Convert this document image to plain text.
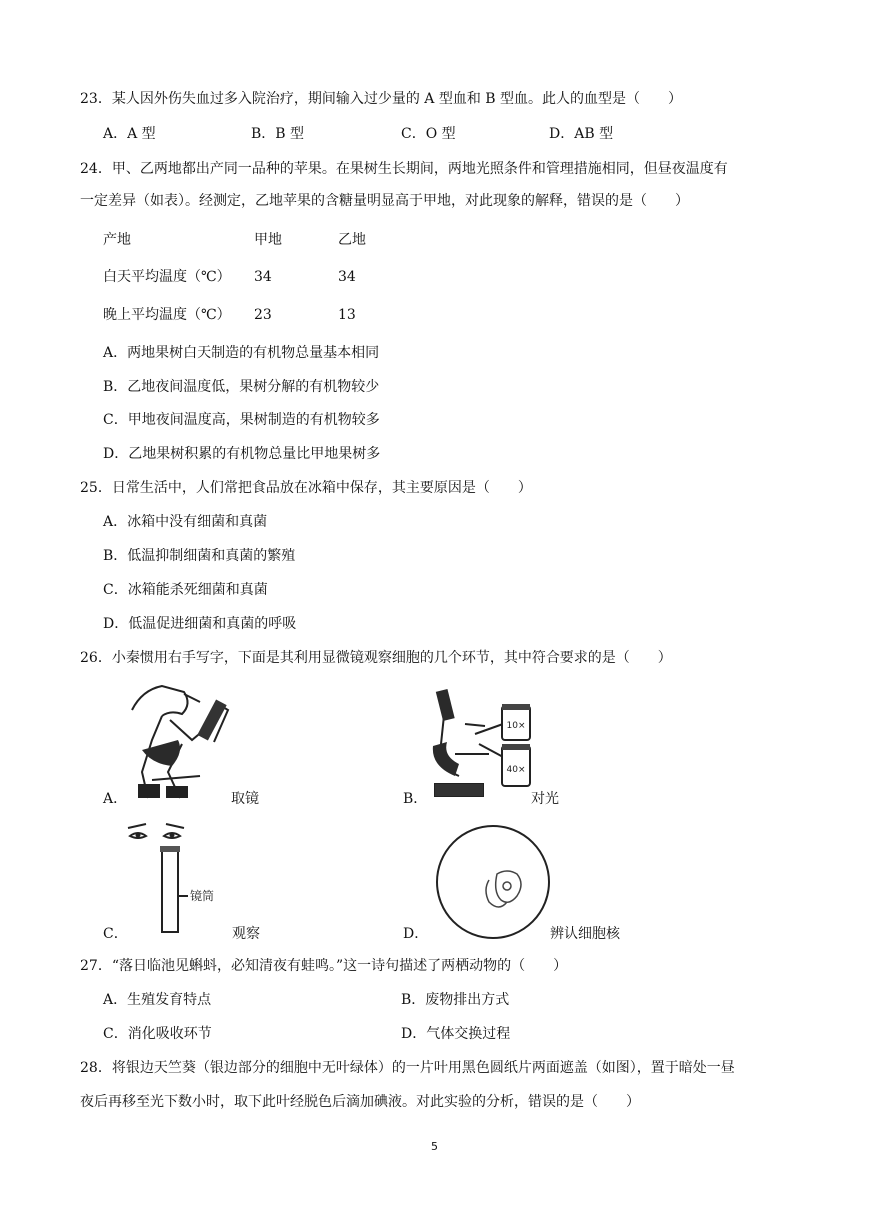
23．某人因外伤失血过多入院治疗，期间输入过少量的 A 型血和 B 型血。此人的血型是（　　）
A．A 型	B．B 型	C．O 型	D．AB 型
24．甲、乙两地都出产同一品种的苹果。在果树生长期间，两地光照条件和管理措施相同，但昼夜温度有
一定差异（如表）。经测定，乙地苹果的含糖量明显高于甲地，对此现象的解释，错误的是（　　）
产地	甲地	乙地
白天平均温度（℃） 34	34
晚上平均温度（℃） 23	13
A．两地果树白天制造的有机物总量基本相同
B．乙地夜间温度低，果树分解的有机物较少
C．甲地夜间温度高，果树制造的有机物较多
D．乙地果树积累的有机物总量比甲地果树多
25．日常生活中，人们常把食品放在冰箱中保存，其主要原因是（　　）
A．冰箱中没有细菌和真菌
B．低温抑制细菌和真菌的繁殖
C．冰箱能杀死细菌和真菌
D．低温促进细菌和真菌的呼吸
26．小秦惯用右手写字，下面是其利用显微镜观察细胞的几个环节，其中符合要求的是（　　）
A．	取镜
10×
40×
B．	对光
镜筒
C．	观察	D．	辨认细胞核
27．“落日临池见蝌蚪，必知清夜有蛙鸣。”这一诗句描述了两栖动物的（　　）
A．生殖发育特点	B．废物排出方式
C．消化吸收环节	D．气体交换过程
28．将银边天竺葵（银边部分的细胞中无叶绿体）的一片叶用黑色圆纸片两面遮盖（如图），置于暗处一昼
夜后再移至光下数小时，取下此叶经脱色后滴加碘液。对此实验的分析，错误的是（　　）
5
